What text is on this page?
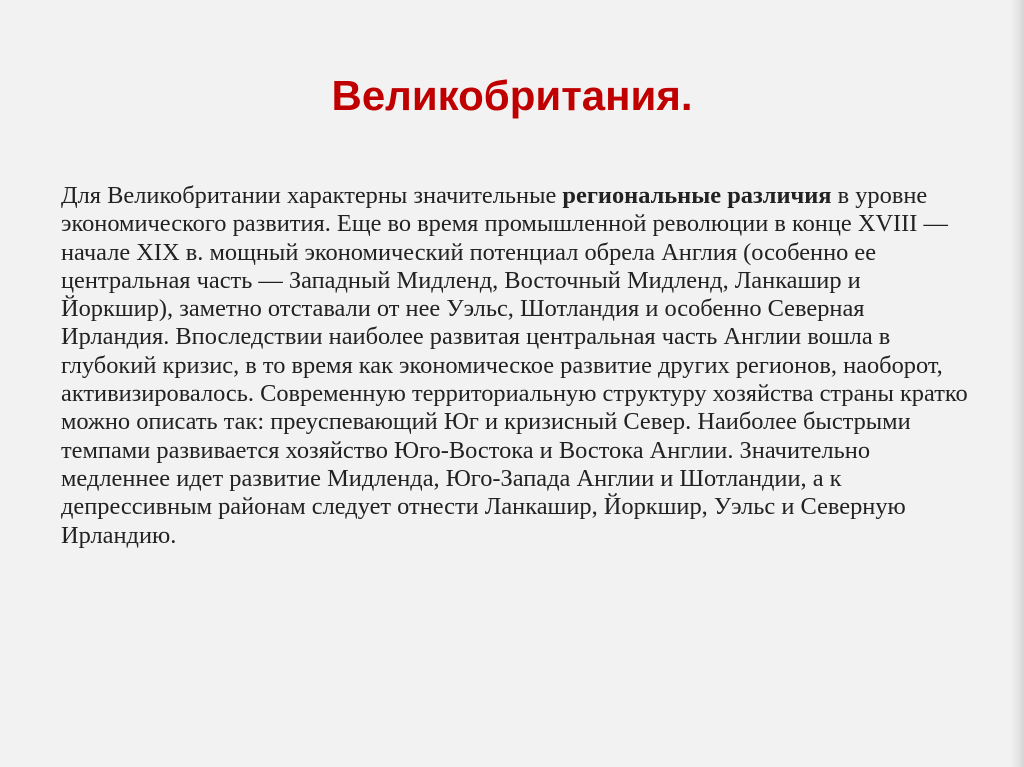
Великобритания.

Для Великобритании характерны значительные региональные различия в уровне экономического развития. Еще во время промышленной революции в конце XVIII — начале XIX в. мощный экономический потенциал обрела Англия (особенно ее центральная часть — Западный Мидленд, Восточный Мидленд, Ланкашир и Йоркшир), заметно отставали от нее Уэльс, Шотландия и особенно Северная Ирландия. Впоследствии наиболее развитая центральная часть Англии вошла в глубокий кризис, в то время как экономическое развитие других регионов, наоборот, активизировалось. Современную территориальную структуру хозяйства страны кратко можно описать так: преуспевающий Юг и кризисный Север. Наиболее быстрыми темпами развивается хозяйство Юго-Востока и Востока Англии. Значительно медленнее идет развитие Мидленда, Юго-Запада Англии и Шотландии, а к депрессивным районам следует отнести Ланкашир, Йоркшир, Уэльс и Северную Ирландию.
